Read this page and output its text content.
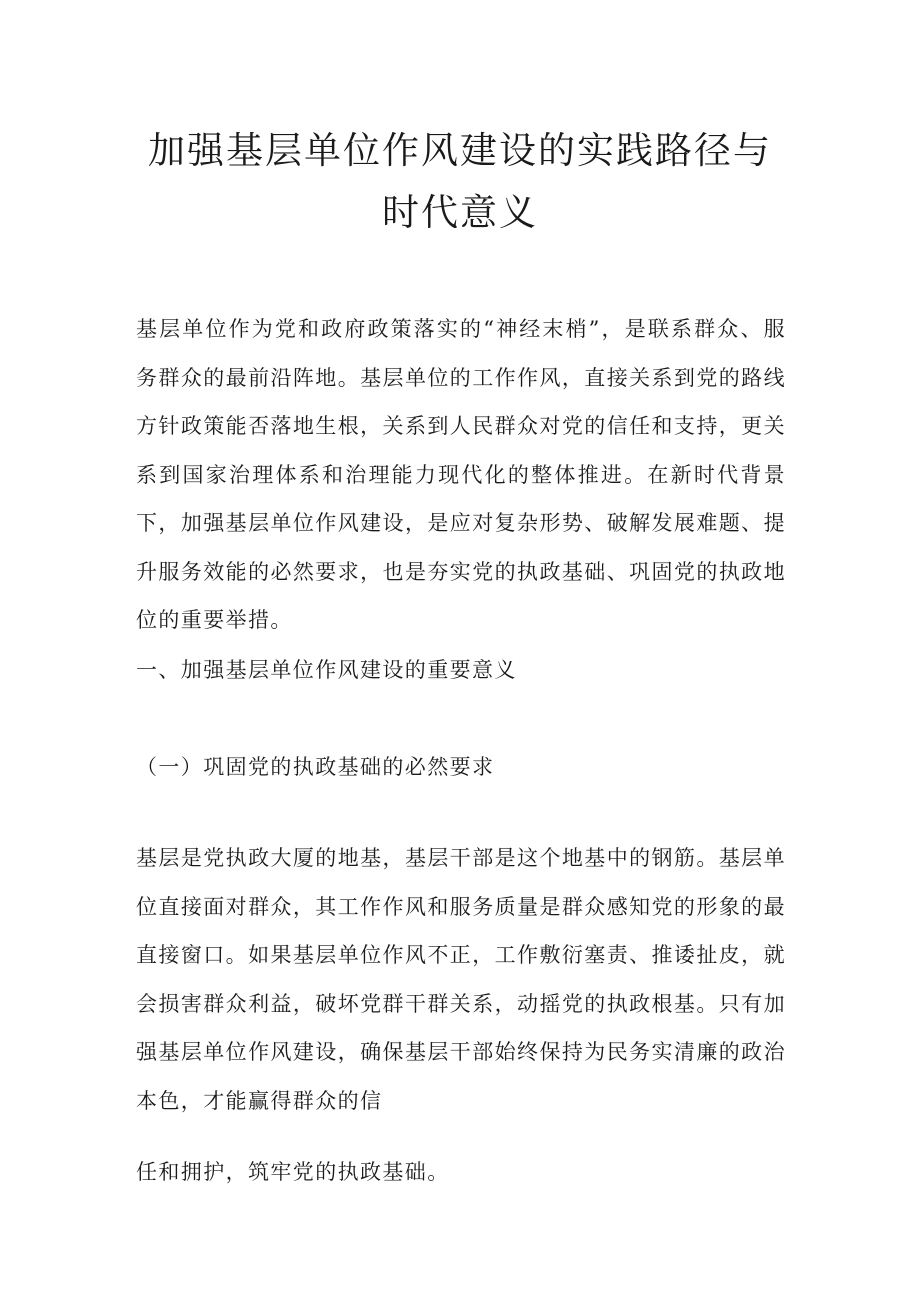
加强基层单位作风建设的实践路径与时代意义

基层单位作为党和政府政策落实的“神经末梢”，是联系群众、服务群众的最前沿阵地。基层单位的工作作风，直接关系到党的路线方针政策能否落地生根，关系到人民群众对党的信任和支持，更关系到国家治理体系和治理能力现代化的整体推进。在新时代背景下，加强基层单位作风建设，是应对复杂形势、破解发展难题、提升服务效能的必然要求，也是夯实党的执政基础、巩固党的执政地位的重要举措。

一、加强基层单位作风建设的重要意义
（一）巩固党的执政基础的必然要求

基层是党执政大厦的地基，基层干部是这个地基中的钢筋。基层单位直接面对群众，其工作作风和服务质量是群众感知党的形象的最直接窗口。如果基层单位作风不正，工作敷衍塞责、推诿扯皮，就会损害群众利益，破坏党群干群关系，动摇党的执政根基。只有加强基层单位作风建设，确保基层干部始终保持为民务实清廉的政治本色，才能赢得群众的信

任和拥护，筑牢党的执政基础。
